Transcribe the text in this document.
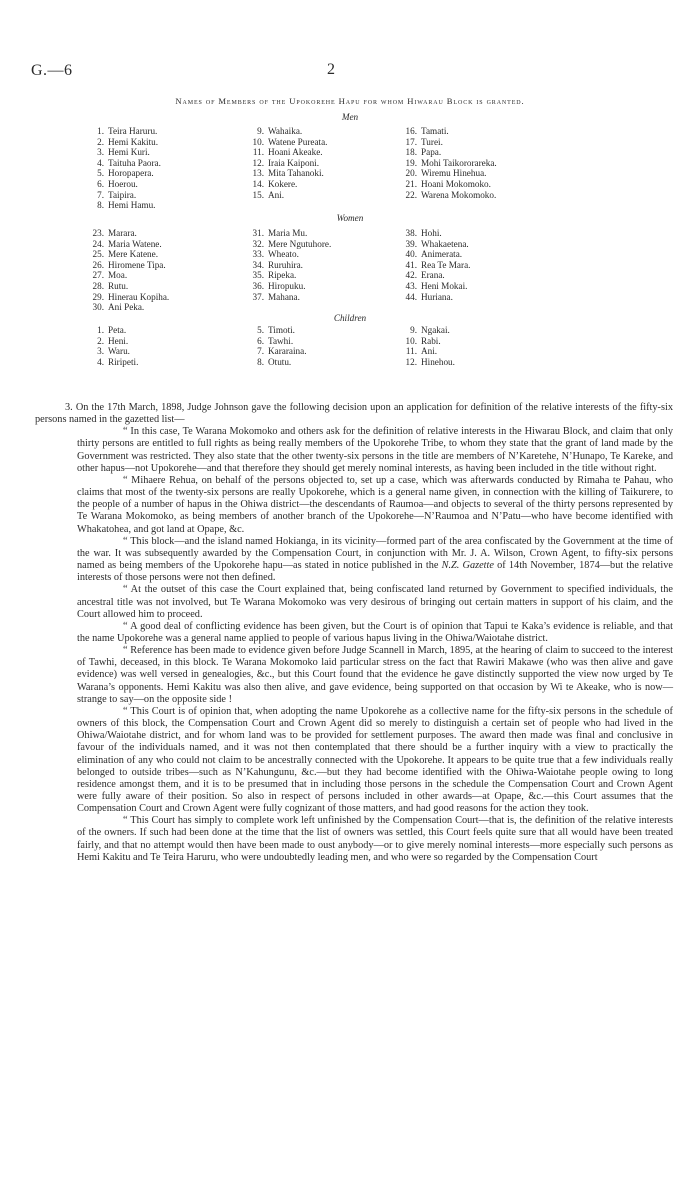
G.—6	2
Names of Members of the Upokorehe Hapu for whom Hiwarau Block is granted.
Men
1. Teira Haruru.
2. Hemi Kakitu.
3. Hemi Kuri.
4. Taituha Paora.
5. Horopapera.
6. Hoerou.
7. Taipira.
8. Hemi Hamu.
9. Wahaika.
10. Watene Pureata.
11. Hoani Akeake.
12. Iraia Kaiponi.
13. Mita Tahanoki.
14. Kokere.
15. Ani.
16. Tamati.
17. Turei.
18. Papa.
19. Mohi Taikororareka.
20. Wiremu Hinehua.
21. Hoani Mokomoko.
22. Warena Mokomoko.
Women
23. Marara.
24. Maria Watene.
25. Mere Katene.
26. Hiromene Tipa.
27. Moa.
28. Rutu.
29. Hinerau Kopiha.
30. Ani Peka.
31. Maria Mu.
32. Mere Ngutuhore.
33. Wheato.
34. Ruruhira.
35. Ripeka.
36. Hiropuku.
37. Mahana.
38. Hohi.
39. Whakaetena.
40. Animerata.
41. Rea Te Mara.
42. Erana.
43. Heni Mokai.
44. Huriana.
Children
1. Peta.
2. Heni.
3. Waru.
4. Riripeti.
5. Timoti.
6. Tawhi.
7. Kararaina.
8. Otutu.
9. Ngakai.
10. Rabi.
11. Ani.
12. Hinehou.

3. On the 17th March, 1898, Judge Johnson gave the following decision upon an application for definition of the relative interests of the fifty-six persons named in the gazetted list—

“ In this case, Te Warana Mokomoko and others ask for the definition of relative interests in the Hiwarau Block, and claim that only thirty persons are entitled to full rights as being really members of the Upokorehe Tribe, to whom they state that the grant of land made by the Government was restricted. They also state that the other twenty-six persons in the title are members of N’Karetehe, N’Hunapo, Te Kareke, and other hapus—not Upokorehe—and that therefore they should get merely nominal interests, as having been included in the title without right.

“ Mihaere Rehua, on behalf of the persons objected to, set up a case, which was afterwards conducted by Rimaha te Pahau, who claims that most of the twenty-six persons are really Upokorehe, which is a general name given, in connection with the killing of Taikurere, to the people of a number of hapus in the Ohiwa district—the descendants of Raumoa—and objects to several of the thirty persons represented by Te Warana Mokomoko, as being members of another branch of the Upokorehe—N’Raumoa and N’Patu—who have become identified with Whakatohea, and got land at Opape, &c.

“ This block—and the island named Hokianga, in its vicinity—formed part of the area confiscated by the Government at the time of the war. It was subsequently awarded by the Compensation Court, in conjunction with Mr. J. A. Wilson, Crown Agent, to fifty-six persons named as being members of the Upokorehe hapu—as stated in notice published in the N.Z. Gazette of 14th November, 1874—but the relative interests of those persons were not then defined.

“ At the outset of this case the Court explained that, being confiscated land returned by Government to specified individuals, the ancestral title was not involved, but Te Warana Mokomoko was very desirous of bringing out certain matters in support of his claim, and the Court allowed him to proceed.

“ A good deal of conflicting evidence has been given, but the Court is of opinion that Tapui te Kaka’s evidence is reliable, and that the name Upokorehe was a general name applied to people of various hapus living in the Ohiwa/Waiotahe district.

“ Reference has been made to evidence given before Judge Scannell in March, 1895, at the hearing of claim to succeed to the interest of Tawhi, deceased, in this block. Te Warana Mokomoko laid particular stress on the fact that Rawiri Makawe (who was then alive and gave evidence) was well versed in genealogies, &c., but this Court found that the evidence he gave distinctly supported the view now urged by Te Warana’s opponents. Hemi Kakitu was also then alive, and gave evidence, being supported on that occasion by Wi te Akeake, who is now—strange to say—on the opposite side !

“ This Court is of opinion that, when adopting the name Upokorehe as a collective name for the fifty-six persons in the schedule of owners of this block, the Compensation Court and Crown Agent did so merely to distinguish a certain set of people who had lived in the Ohiwa/Waiotahe district, and for whom land was to be provided for settlement purposes. The award then made was final and conclusive in favour of the individuals named, and it was not then contemplated that there should be a further inquiry with a view to practically the elimination of any who could not claim to be ancestrally connected with the Upokorehe. It appears to be quite true that a few individuals really belonged to outside tribes—such as N’Kahungunu, &c.—but they had become identified with the Ohiwa-Waiotahe people owing to long residence amongst them, and it is to be presumed that in including those persons in the schedule the Compensation Court and Crown Agent were fully aware of their position. So also in respect of persons included in other awards—at Opape, &c.—this Court assumes that the Compensation Court and Crown Agent were fully cognizant of those matters, and had good reasons for the action they took.

“ This Court has simply to complete work left unfinished by the Compensation Court—that is, the definition of the relative interests of the owners. If such had been done at the time that the list of owners was settled, this Court feels quite sure that all would have been treated fairly, and that no attempt would then have been made to oust anybody—or to give merely nominal interests—more especially such persons as Hemi Kakitu and Te Teira Haruru, who were undoubtedly leading men, and who were so regarded by the Compensation Court
